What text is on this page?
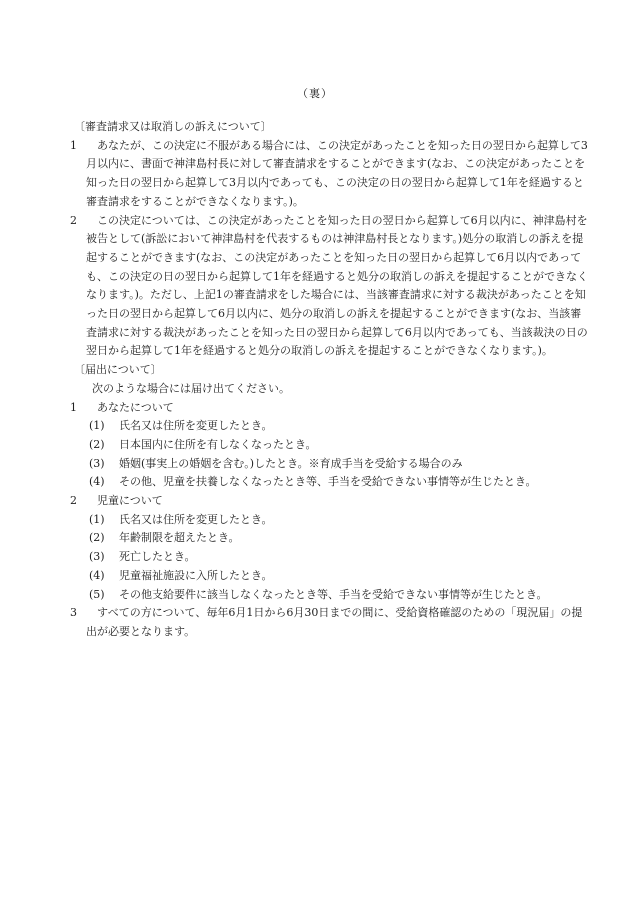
（裏）
〔審査請求又は取消しの訴えについて〕
1 　あなたが、この決定に不服がある場合には、この決定があったことを知った日の翌日から起算して3月以内に、書面で神津島村長に対して審査請求をすることができます(なお、この決定があったことを知った日の翌日から起算して3月以内であっても、この決定の日の翌日から起算して1年を経過すると審査請求をすることができなくなります。)。
2 　この決定については、この決定があったことを知った日の翌日から起算して6月以内に、神津島村を被告として(訴訟において神津島村を代表するものは神津島村長となります。)処分の取消しの訴えを提起することができます(なお、この決定があったことを知った日の翌日から起算して6月以内であっても、この決定の日の翌日から起算して1年を経過すると処分の取消しの訴えを提起することができなくなります。)。ただし、上記1の審査請求をした場合には、当該審査請求に対する裁決があったことを知った日の翌日から起算して6月以内に、処分の取消しの訴えを提起することができます(なお、当該審査請求に対する裁決があったことを知った日の翌日から起算して6月以内であっても、当該裁決の日の翌日から起算して1年を経過すると処分の取消しの訴えを提起することができなくなります。)。
〔届出について〕
次のような場合には届け出てください。
1 　あなたについて
(1) 　氏名又は住所を変更したとき。
(2) 　日本国内に住所を有しなくなったとき。
(3) 　婚姻(事実上の婚姻を含む。)したとき。※育成手当を受給する場合のみ
(4) 　その他、児童を扶養しなくなったとき等、手当を受給できない事情等が生じたとき。
2 　児童について
(1) 　氏名又は住所を変更したとき。
(2) 　年齢制限を超えたとき。
(3) 　死亡したとき。
(4) 　児童福祉施設に入所したとき。
(5) 　その他支給要件に該当しなくなったとき等、手当を受給できない事情等が生じたとき。
3 　すべての方について、毎年6月1日から6月30日までの間に、受給資格確認のための「現況届」の提出が必要となります。
